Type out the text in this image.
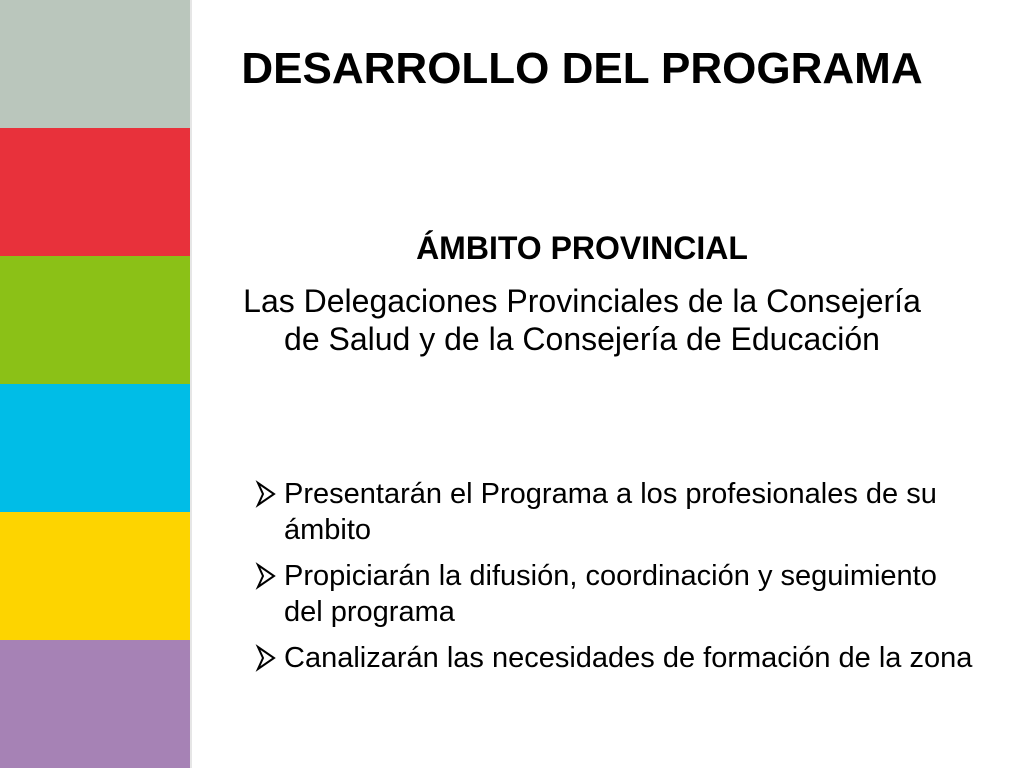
DESARROLLO DEL PROGRAMA
ÁMBITO PROVINCIAL

Las Delegaciones Provinciales de la Consejería de Salud y de la Consejería de Educación

Presentarán el Programa a los profesionales de su ámbito
Propiciarán la difusión, coordinación y seguimiento del programa
Canalizarán las necesidades de formación de la zona
